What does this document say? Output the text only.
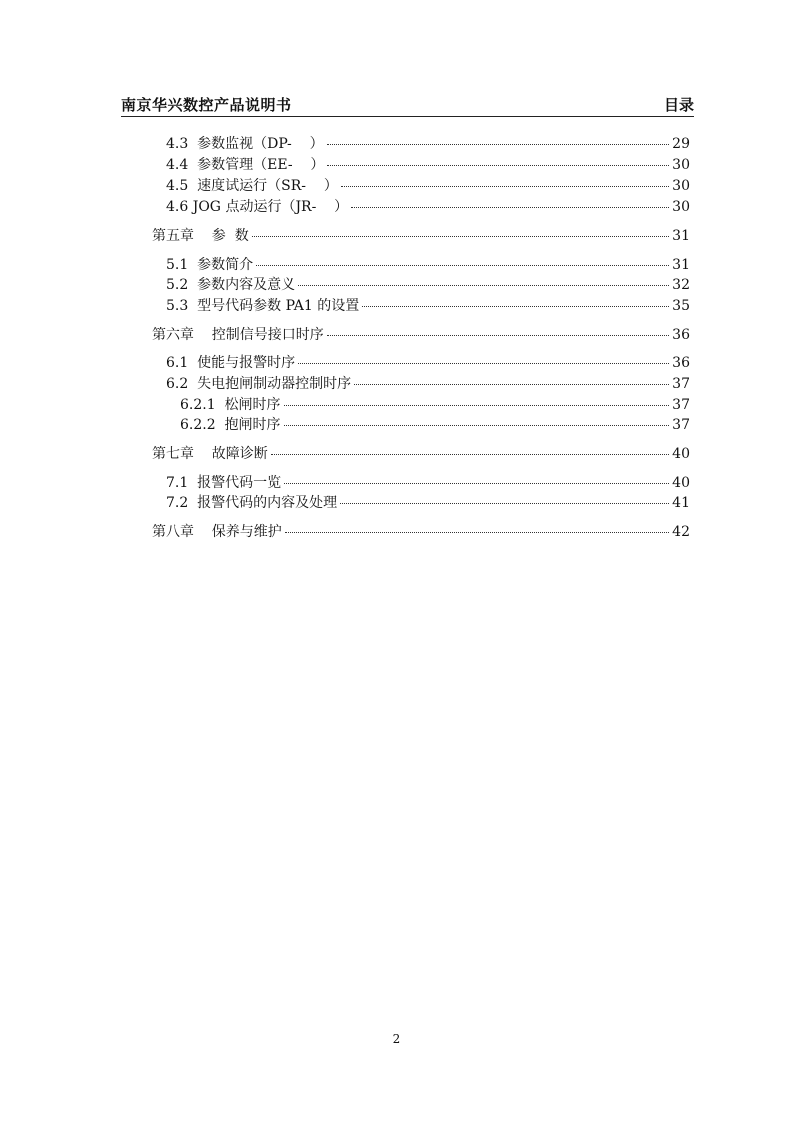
南京华兴数控产品说明书	目录
4.3  参数监视（DP-    ）	29
4.4  参数管理（EE-    ）	30
4.5  速度试运行（SR-    ）	30
4.6 JOG 点动运行（JR-    ）	30
第五章    参  数	31
5.1  参数简介	31
5.2  参数内容及意义	32
5.3  型号代码参数 PA1 的设置	35
第六章    控制信号接口时序	36
6.1  使能与报警时序	36
6.2  失电抱闸制动器控制时序	37
6.2.1  松闸时序	37
6.2.2  抱闸时序	37
第七章    故障诊断	40
7.1  报警代码一览	40
7.2  报警代码的内容及处理	41
第八章    保养与维护	42
2
